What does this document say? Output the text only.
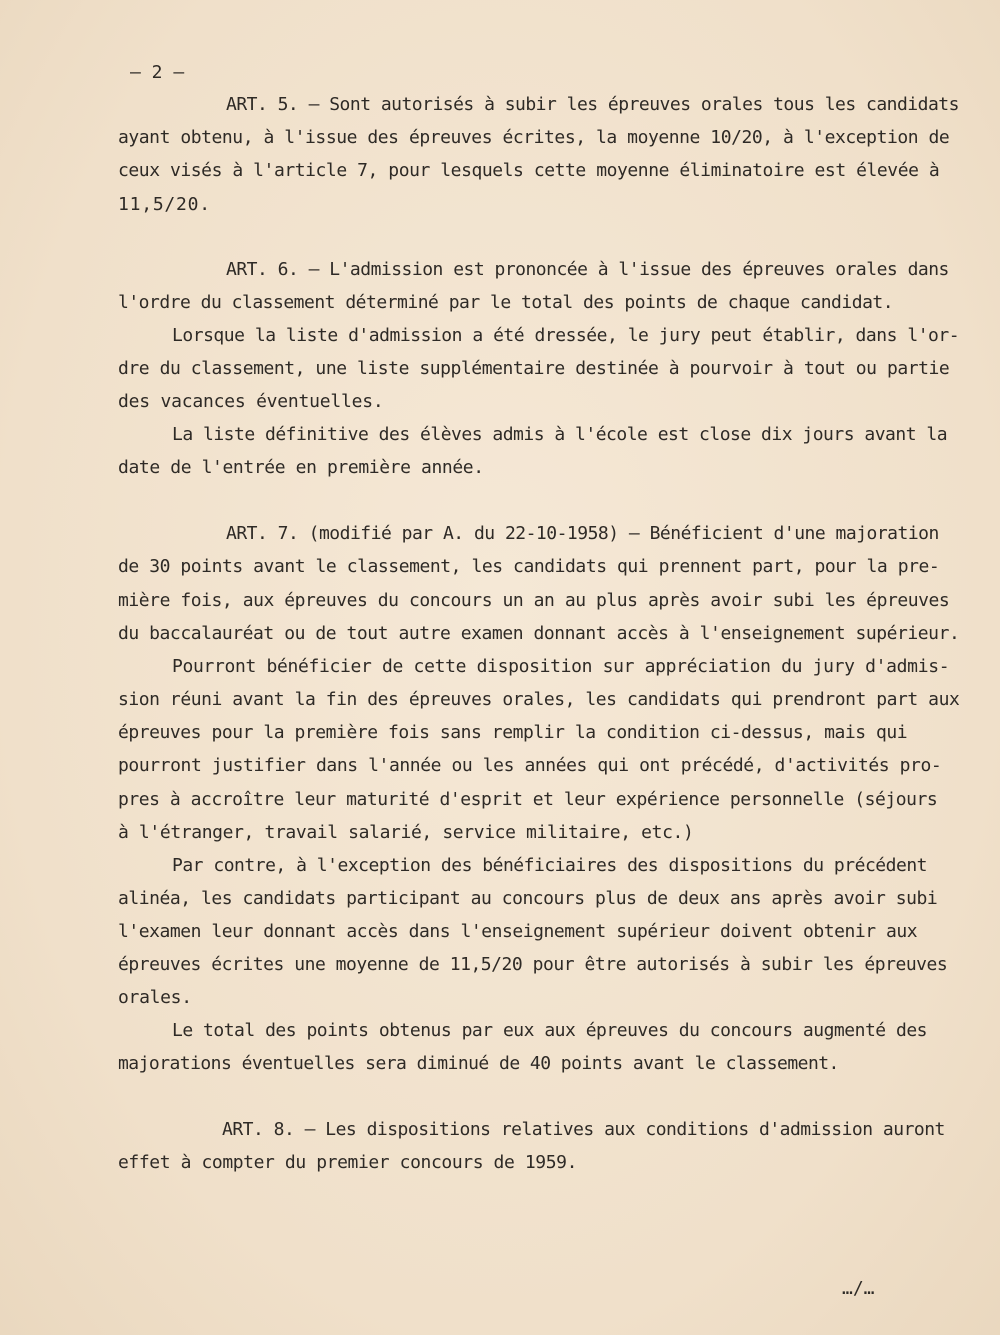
ART. 5. – Sont autorisés à subir les épreuves orales tous les candidats
ayant obtenu, à l'issue des épreuves écrites, la moyenne 10/20, à l'exception de
ceux visés à l'article 7, pour lesquels cette moyenne éliminatoire est élevée à
11,5/20.
ART. 6. – L'admission est prononcée à l'issue des épreuves orales dans
l'ordre du classement déterminé par le total des points de chaque candidat.
Lorsque la liste d'admission a été dressée, le jury peut établir, dans l'or-
dre du classement, une liste supplémentaire destinée à pourvoir à tout ou partie
des vacances éventuelles.
La liste définitive des élèves admis à l'école est close dix jours avant la
date de l'entrée en première année.
ART. 7. (modifié par A. du 22-10-1958) – Bénéficient d'une majoration
de 30 points avant le classement, les candidats qui prennent part, pour la pre-
mière fois, aux épreuves du concours un an au plus après avoir subi les épreuves
du baccalauréat ou de tout autre examen donnant accès à l'enseignement supérieur.
Pourront bénéficier de cette disposition sur appréciation du jury d'admis-
sion réuni avant la fin des épreuves orales, les candidats qui prendront part aux
épreuves pour la première fois sans remplir la condition ci-dessus, mais qui
pourront justifier dans l'année ou les années qui ont précédé, d'activités pro-
pres à accroître leur maturité d'esprit et leur expérience personnelle (séjours
à l'étranger, travail salarié, service militaire, etc.)
Par contre, à l'exception des bénéficiaires des dispositions du précédent
alinéa, les candidats participant au concours plus de deux ans après avoir subi
l'examen leur donnant accès dans l'enseignement supérieur doivent obtenir aux
épreuves écrites une moyenne de 11,5/20 pour être autorisés à subir les épreuves
orales.
Le total des points obtenus par eux aux épreuves du concours augmenté des
majorations éventuelles sera diminué de 40 points avant le classement.
ART. 8. – Les dispositions relatives aux conditions d'admission auront
effet à compter du premier concours de 1959.
– 2 –
…/…
